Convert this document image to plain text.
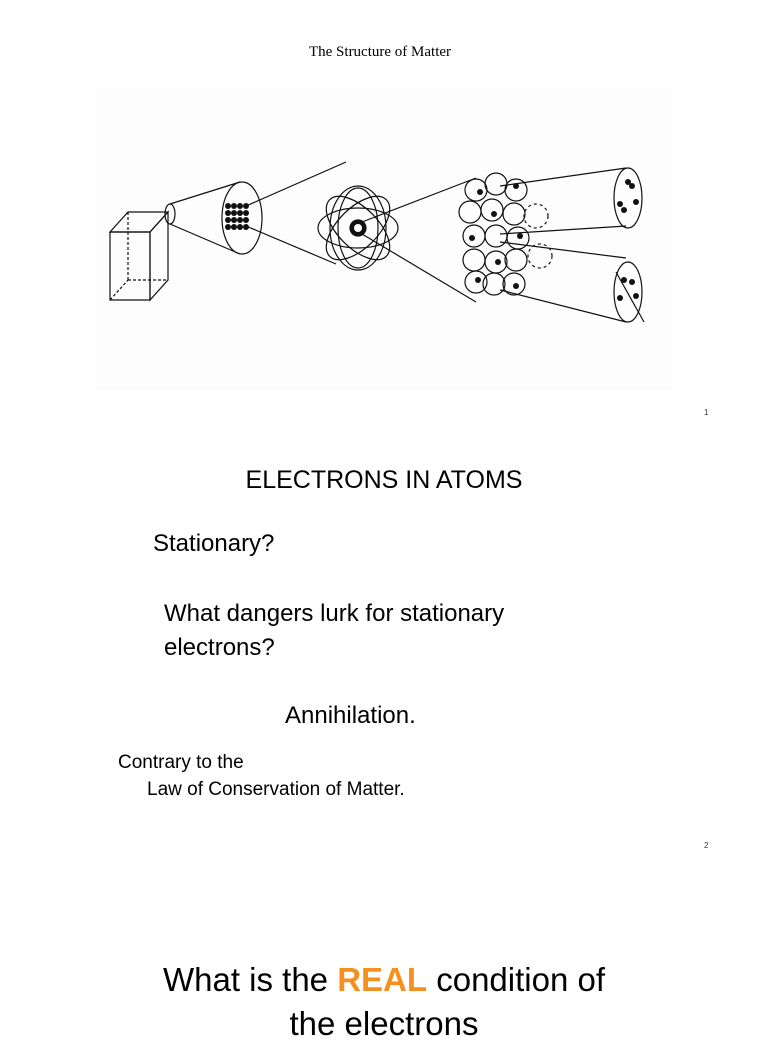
The Structure of Matter
1
ELECTRONS IN ATOMS
Stationary?
What dangers lurk for stationary
electrons?
Annihilation.
Contrary to the
Law of Conservation of Matter.
2
What is the REAL condition of
the electrons
